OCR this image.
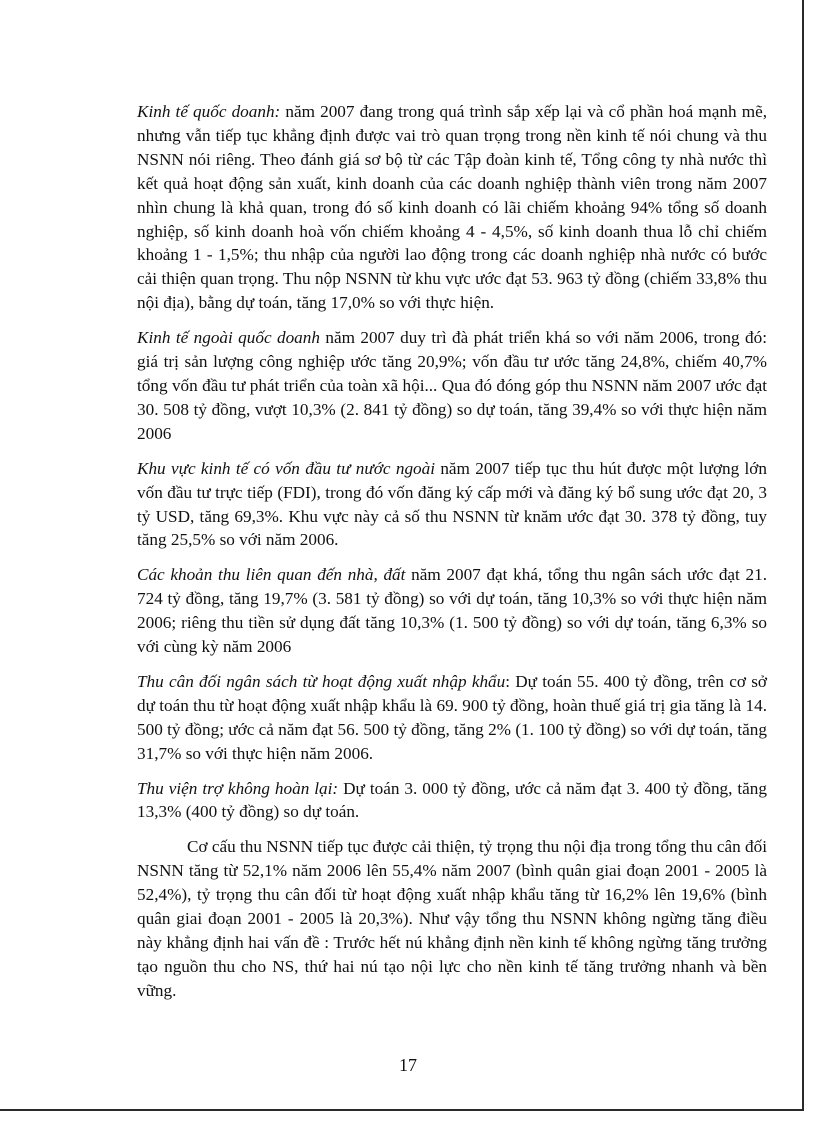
Kinh tế quốc doanh: năm 2007 đang trong quá trình sắp xếp lại và cổ phần hoá mạnh mẽ, nhưng vẫn tiếp tục khẳng định được vai trò quan trọng trong nền kinh tế nói chung và thu NSNN nói riêng. Theo đánh giá sơ bộ từ các Tập đoàn kinh tế, Tổng công ty nhà nước thì kết quả hoạt động sản xuất, kinh doanh của các doanh nghiệp thành viên trong năm 2007 nhìn chung là khả quan, trong đó số kinh doanh có lãi chiếm khoảng 94% tổng số doanh nghiệp, số kinh doanh hoà vốn chiếm khoảng 4 - 4,5%, số kinh doanh thua lỗ chỉ chiếm khoảng 1 - 1,5%; thu nhập của người lao động trong các doanh nghiệp nhà nước có bước cải thiện quan trọng. Thu nộp NSNN từ khu vực ước đạt 53. 963 tỷ đồng (chiếm 33,8% thu nội địa), bằng dự toán, tăng 17,0% so với thực hiện.

Kinh tế ngoài quốc doanh năm 2007 duy trì đà phát triển khá so với năm 2006, trong đó: giá trị sản lượng công nghiệp ước tăng 20,9%; vốn đầu tư ước tăng 24,8%, chiếm 40,7% tổng vốn đầu tư phát triển của toàn xã hội... Qua đó đóng góp thu NSNN năm 2007 ước đạt 30. 508 tỷ đồng, vượt 10,3% (2. 841 tỷ đồng) so dự toán, tăng 39,4% so với thực hiện năm 2006

Khu vực kinh tế có vốn đầu tư nước ngoài năm 2007 tiếp tục thu hút được một lượng lớn vốn đầu tư trực tiếp (FDI), trong đó vốn đăng ký cấp mới và đăng ký bổ sung ước đạt 20, 3 tỷ USD, tăng 69,3%. Khu vực này cả số thu NSNN từ knăm ước đạt 30. 378 tỷ đồng, tuy tăng 25,5% so với năm 2006.

Các khoản thu liên quan đến nhà, đất năm 2007 đạt khá, tổng thu ngân sách ước đạt 21. 724 tỷ đồng, tăng 19,7% (3. 581 tỷ đồng) so với dự toán, tăng 10,3% so với thực hiện năm 2006; riêng thu tiền sử dụng đất tăng 10,3% (1. 500 tỷ đồng) so với dự toán, tăng 6,3% so với cùng kỳ năm 2006

Thu cân đối ngân sách từ hoạt động xuất nhập khẩu: Dự toán 55. 400 tỷ đồng, trên cơ sở dự toán thu từ hoạt động xuất nhập khẩu là 69. 900 tỷ đồng, hoàn thuế giá trị gia tăng là 14. 500 tỷ đồng; ước cả năm đạt 56. 500 tỷ đồng, tăng 2% (1. 100 tỷ đồng) so với dự toán, tăng 31,7% so với thực hiện năm 2006.

Thu viện trợ không hoàn lại: Dự toán 3. 000 tỷ đồng, ước cả năm đạt 3. 400 tỷ đồng, tăng 13,3% (400 tỷ đồng) so dự toán.

Cơ cấu thu NSNN tiếp tục được cải thiện, tỷ trọng thu nội địa trong tổng thu cân đối NSNN tăng từ 52,1% năm 2006 lên 55,4% năm 2007 (bình quân giai đoạn 2001 - 2005 là 52,4%), tỷ trọng thu cân đối từ hoạt động xuất nhập khẩu tăng từ 16,2% lên 19,6% (bình quân giai đoạn 2001 - 2005 là 20,3%). Như vậy tổng thu NSNN không ngừng tăng điều này khẳng định hai vấn đề : Trước hết nú khẳng định nền kinh tế không ngừng tăng trưởng tạo nguồn thu cho NS, thứ hai nú tạo nội lực cho nền kinh tế tăng trưởng nhanh và bền vững.

17
